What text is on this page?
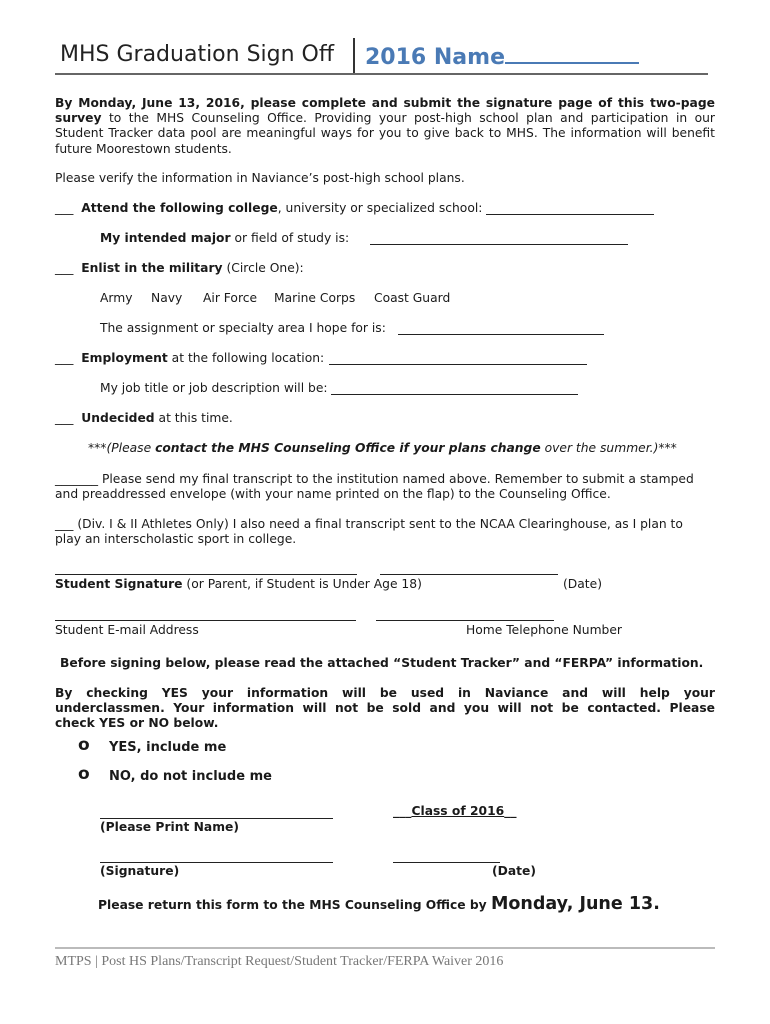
MHS Graduation Sign Off 2016 Name
By Monday, June 13, 2016, please complete and submit the signature page of this two-page
survey to the MHS Counseling Office. Providing your post-high school plan and participation in our
Student Tracker data pool are meaningful ways for you to give back to MHS. The information will benefit
future Moorestown students.
Please verify the information in Naviance’s post-high school plans.
___ Attend the following college, university or specialized school:
My intended major or field of study is:
___ Enlist in the military (Circle One):
Army Navy Air Force Marine Corps Coast Guard
The assignment or specialty area I hope for is:
___ Employment at the following location:
My job title or job description will be:
___ Undecided at this time.
***(Please contact the MHS Counseling Office if your plans change over the summer.)***
_______ Please send my final transcript to the institution named above. Remember to submit a stamped
and preaddressed envelope (with your name printed on the flap) to the Counseling Office.
___ (Div. I & II Athletes Only) I also need a final transcript sent to the NCAA Clearinghouse, as I plan to
play an interscholastic sport in college.
Student Signature (or Parent, if Student is Under Age 18)	(Date)
Student E-mail Address	Home Telephone Number
Before signing below, please read the attached “Student Tracker” and “FERPA” information.
By checking YES your information will be used in Naviance and will help your
underclassmen. Your information will not be sold and you will not be contacted. Please
check YES or NO below.
o YES, include me
o NO, do not include me
(Please Print Name)
___Class of 2016__
(Signature)	(Date)
Please return this form to the MHS Counseling Office by Monday, June 13.
MTPS | Post HS Plans/Transcript Request/Student Tracker/FERPA Waiver 2016
